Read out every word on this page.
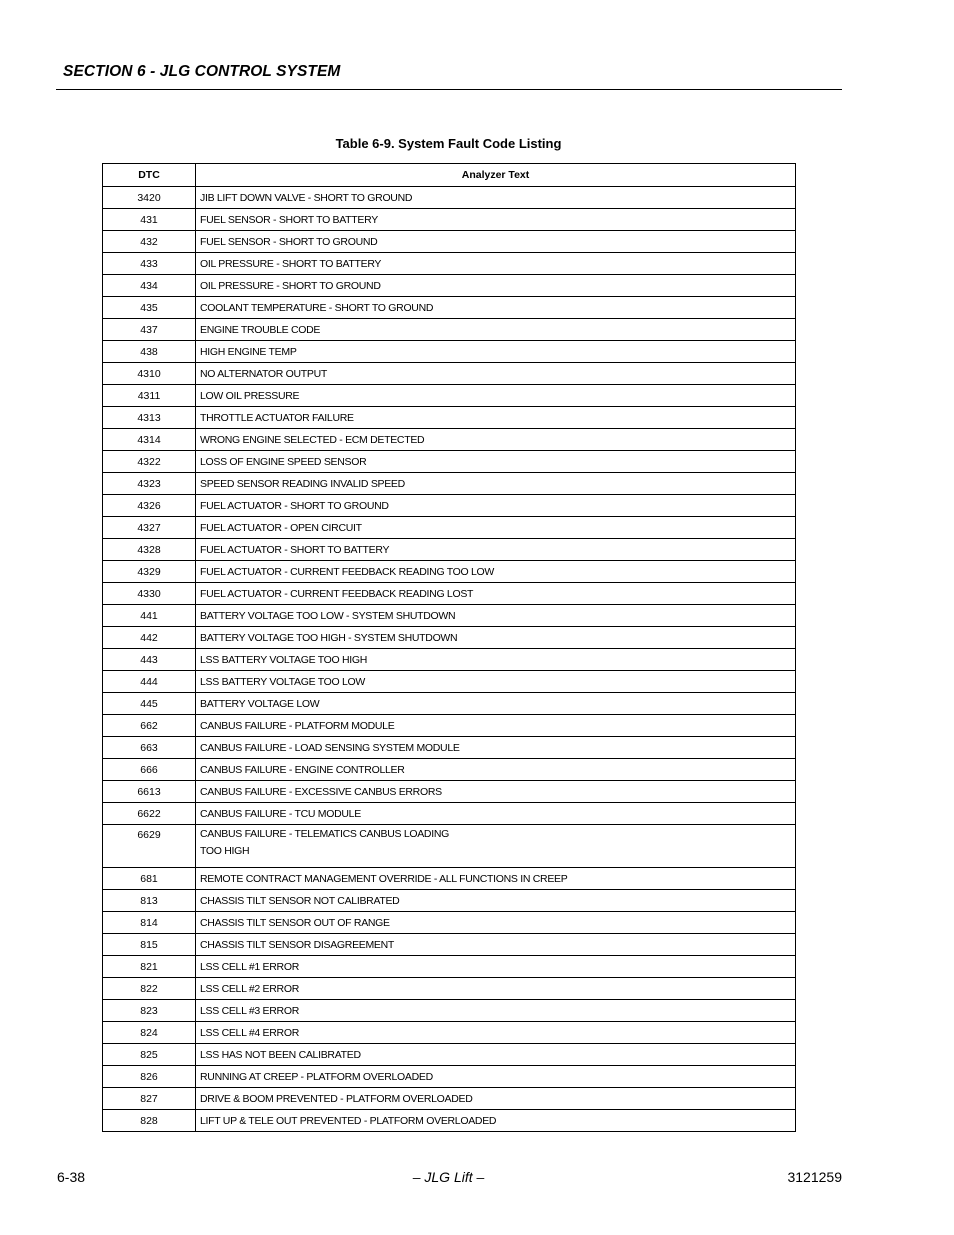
SECTION 6 - JLG CONTROL SYSTEM
Table 6-9. System Fault Code Listing
DTC	Analyzer Text
3420	JIB LIFT DOWN VALVE - SHORT TO GROUND
431	FUEL SENSOR - SHORT TO BATTERY
432	FUEL SENSOR - SHORT TO GROUND
433	OIL PRESSURE - SHORT TO BATTERY
434	OIL PRESSURE - SHORT TO GROUND
435	COOLANT TEMPERATURE - SHORT TO GROUND
437	ENGINE TROUBLE CODE
438	HIGH ENGINE TEMP
4310	NO ALTERNATOR OUTPUT
4311	LOW OIL PRESSURE
4313	THROTTLE ACTUATOR FAILURE
4314	WRONG ENGINE SELECTED - ECM DETECTED
4322	LOSS OF ENGINE SPEED SENSOR
4323	SPEED SENSOR READING INVALID SPEED
4326	FUEL ACTUATOR - SHORT TO GROUND
4327	FUEL ACTUATOR - OPEN CIRCUIT
4328	FUEL ACTUATOR - SHORT TO BATTERY
4329	FUEL ACTUATOR - CURRENT FEEDBACK READING TOO LOW
4330	FUEL ACTUATOR - CURRENT FEEDBACK READING LOST
441	BATTERY VOLTAGE TOO LOW - SYSTEM SHUTDOWN
442	BATTERY VOLTAGE TOO HIGH - SYSTEM SHUTDOWN
443	LSS BATTERY VOLTAGE TOO HIGH
444	LSS BATTERY VOLTAGE TOO LOW
445	BATTERY VOLTAGE LOW
662	CANBUS FAILURE - PLATFORM MODULE
663	CANBUS FAILURE - LOAD SENSING SYSTEM MODULE
666	CANBUS FAILURE - ENGINE CONTROLLER
6613	CANBUS FAILURE - EXCESSIVE CANBUS ERRORS
6622	CANBUS FAILURE - TCU MODULE
6629	CANBUS FAILURE - TELEMATICS CANBUS LOADING
TOO HIGH

681	REMOTE CONTRACT MANAGEMENT OVERRIDE - ALL FUNCTIONS IN CREEP
813	CHASSIS TILT SENSOR NOT CALIBRATED
814	CHASSIS TILT SENSOR OUT OF RANGE
815	CHASSIS TILT SENSOR DISAGREEMENT
821	LSS CELL #1 ERROR
822	LSS CELL #2 ERROR
823	LSS CELL #3 ERROR
824	LSS CELL #4 ERROR
825	LSS HAS NOT BEEN CALIBRATED
826	RUNNING AT CREEP - PLATFORM OVERLOADED
827	DRIVE & BOOM PREVENTED - PLATFORM OVERLOADED
828	LIFT UP & TELE OUT PREVENTED - PLATFORM OVERLOADED
6-38	– JLG Lift –	3121259
